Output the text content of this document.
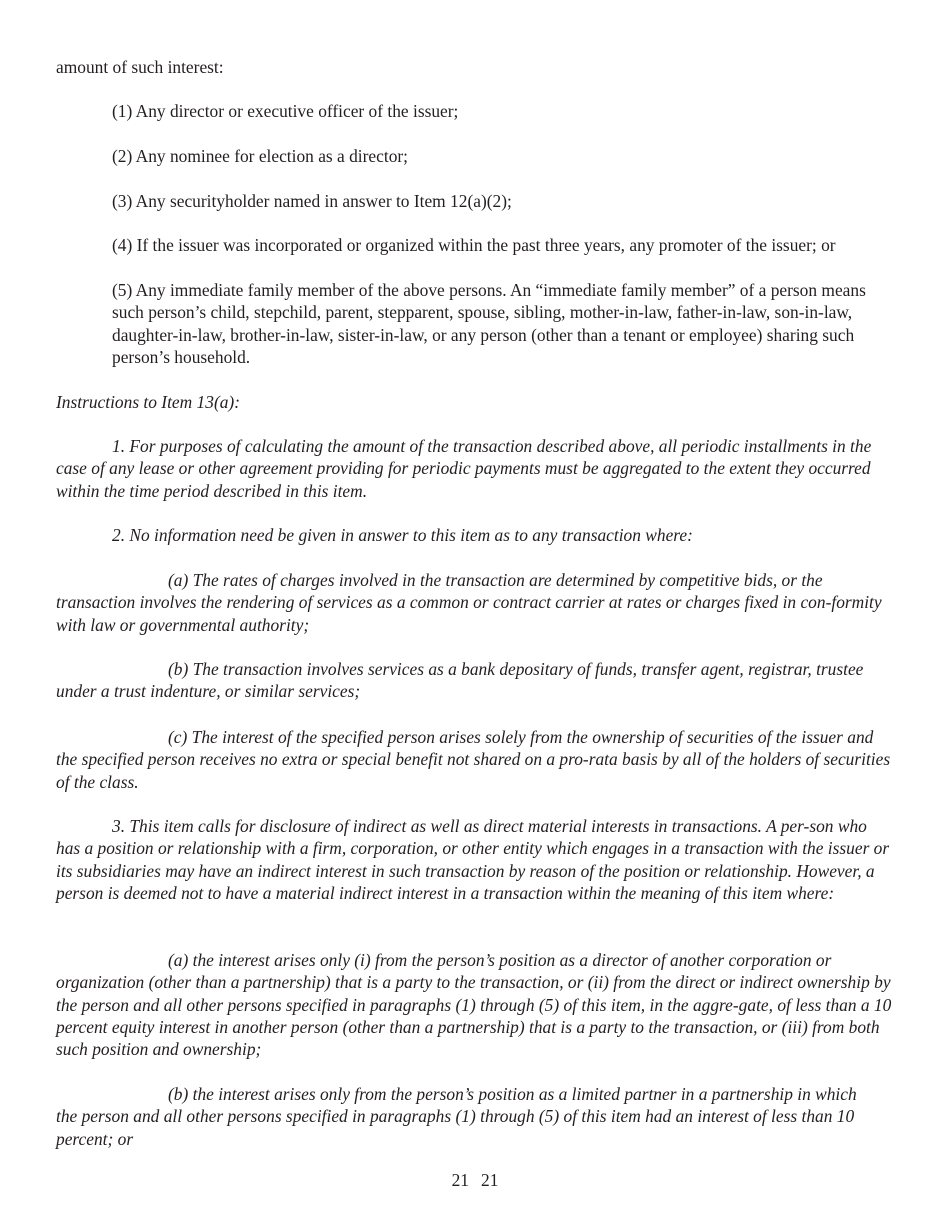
amount of such interest:

(1) Any director or executive officer of the issuer;

(2) Any nominee for election as a director;

(3) Any securityholder named in answer to Item 12(a)(2);

(4) If the issuer was incorporated or organized within the past three years, any promoter of the issuer; or

(5) Any immediate family member of the above persons. An “immediate family member” of a person means such person’s child, stepchild, parent, stepparent, spouse, sibling, mother-in-law, father-in-law, son-in-law, daughter-in-law, brother-in-law, sister-in-law, or any person (other than a tenant or employee) sharing such person’s household.

Instructions to Item 13(a):

1. For purposes of calculating the amount of the transaction described above, all periodic installments in the case of any lease or other agreement providing for periodic payments must be aggregated to the extent they occurred within the time period described in this item.

2. No information need be given in answer to this item as to any transaction where:

(a) The rates of charges involved in the transaction are determined by competitive bids, or the transaction involves the rendering of services as a common or contract carrier at rates or charges fixed in con-formity with law or governmental authority;

(b) The transaction involves services as a bank depositary of funds, transfer agent, registrar, trustee under a trust indenture, or similar services;

(c) The interest of the specified person arises solely from the ownership of securities of the issuer and the specified person receives no extra or special benefit not shared on a pro-rata basis by all of the holders of securities of the class.

3. This item calls for disclosure of indirect as well as direct material interests in transactions. A per-son who has a position or relationship with a firm, corporation, or other entity which engages in a transaction with the issuer or its subsidiaries may have an indirect interest in such transaction by reason of the position or relationship. However, a person is deemed not to have a material indirect interest in a transaction within the meaning of this item where:

(a) the interest arises only (i) from the person’s position as a director of another corporation or organization (other than a partnership) that is a party to the transaction, or (ii) from the direct or indirect ownership by the person and all other persons specified in paragraphs (1) through (5) of this item, in the aggre-gate, of less than a 10 percent equity interest in another person (other than a partnership) that is a party to the transaction, or (iii) from both such position and ownership;

(b) the interest arises only from the person’s position as a limited partner in a partnership in which the person and all other persons specified in paragraphs (1) through (5) of this item had an interest of less than 10 percent; or

21 21
